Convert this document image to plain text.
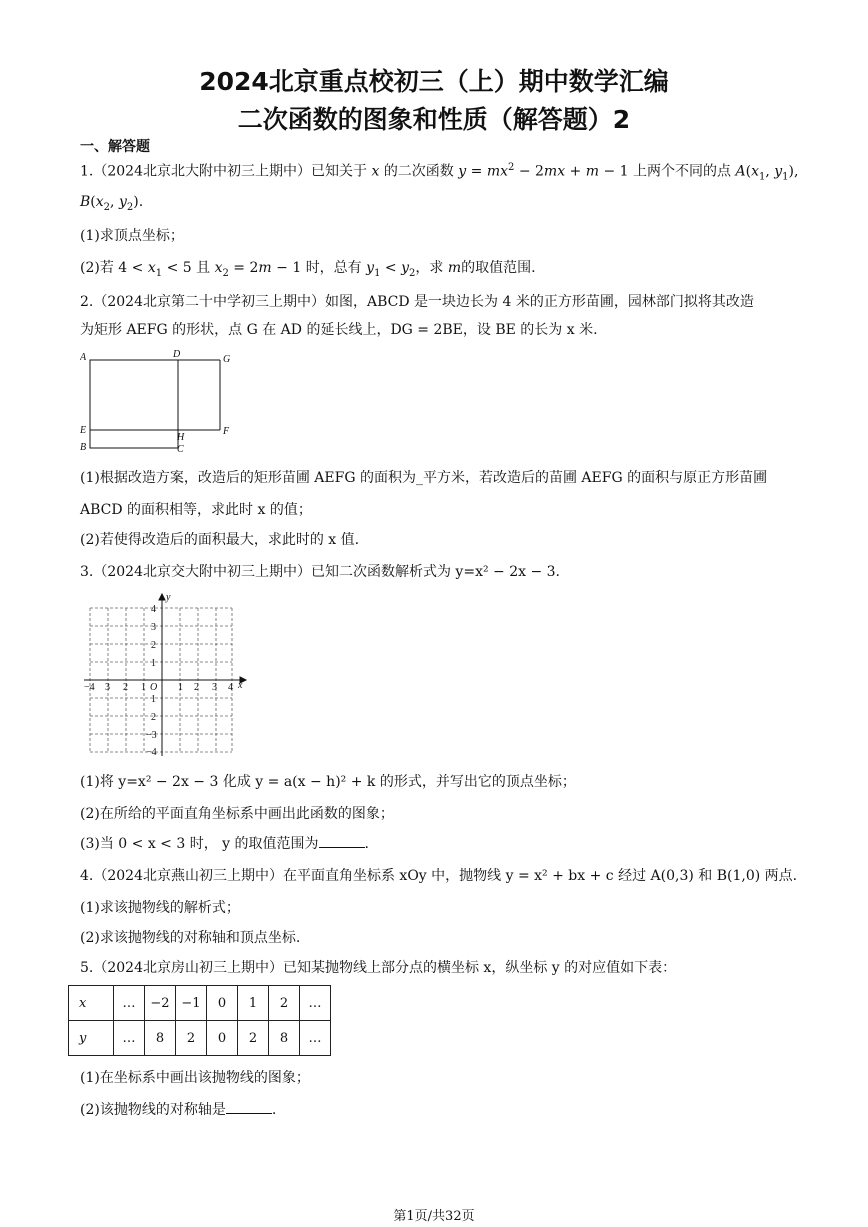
2024北京重点校初三（上）期中数学汇编
二次函数的图象和性质（解答题）2
一、解答题
1.（2024北京北大附中初三上期中）已知关于 x 的二次函数 $y = mx^2 - 2mx + m - 1$ 上两个不同的点 $A(x_1$, $y_1$),
$B(x_2$, $y_2$).
(1)求顶点坐标；
(2)若 $4 < x_1 < 5$ 且 $x_2 = 2m - 1$ 时，总有 $y_1 < y_2$，求 m的取值范围.
2.（2024北京第二十中学初三上期中）如图，ABCD 是一块边长为 4 米的正方形苗圃，园林部门拟将其改造
为矩形 AEFG 的形状，点 G 在 AD 的延长线上，DG = 2BE，设 BE 的长为 x 米.
A	D	G
E
H
F
B	C
(1)根据改造方案，改造后的矩形苗圃 AEFG 的面积为_平方米，若改造后的苗圃 AEFG 的面积与原正方形苗圃
ABCD 的面积相等，求此时 x 的值；
(2)若使得改造后的面积最大，求此时的 x 值.
3.（2024北京交大附中初三上期中）已知二次函数解析式为 y=x² − 2x − 3.
y
x
O
−4 3 2 1	1 2 3 4
4
3
2
1
1
2
−3
−4
(1)将 y=x² − 2x − 3 化成 y = a(x − h)² + k 的形式，并写出它的顶点坐标；
(2)在所给的平面直角坐标系中画出此函数的图象；
(3)当 0 < x < 3 时， y 的取值范围为	.
4.（2024北京燕山初三上期中）在平面直角坐标系 xOy 中，抛物线 y = x² + bx + c 经过 A(0,3) 和 B(1,0) 两点.
(1)求该抛物线的解析式；
(2)求该抛物线的对称轴和顶点坐标.
5.（2024北京房山初三上期中）已知某抛物线上部分点的横坐标 x，纵坐标 y 的对应值如下表：
x	…	−2	−1	0	1	2	…
y	…	8	2	0	2	8	…
(1)在坐标系中画出该抛物线的图象；
(2)该抛物线的对称轴是	.
第1页/共32页
